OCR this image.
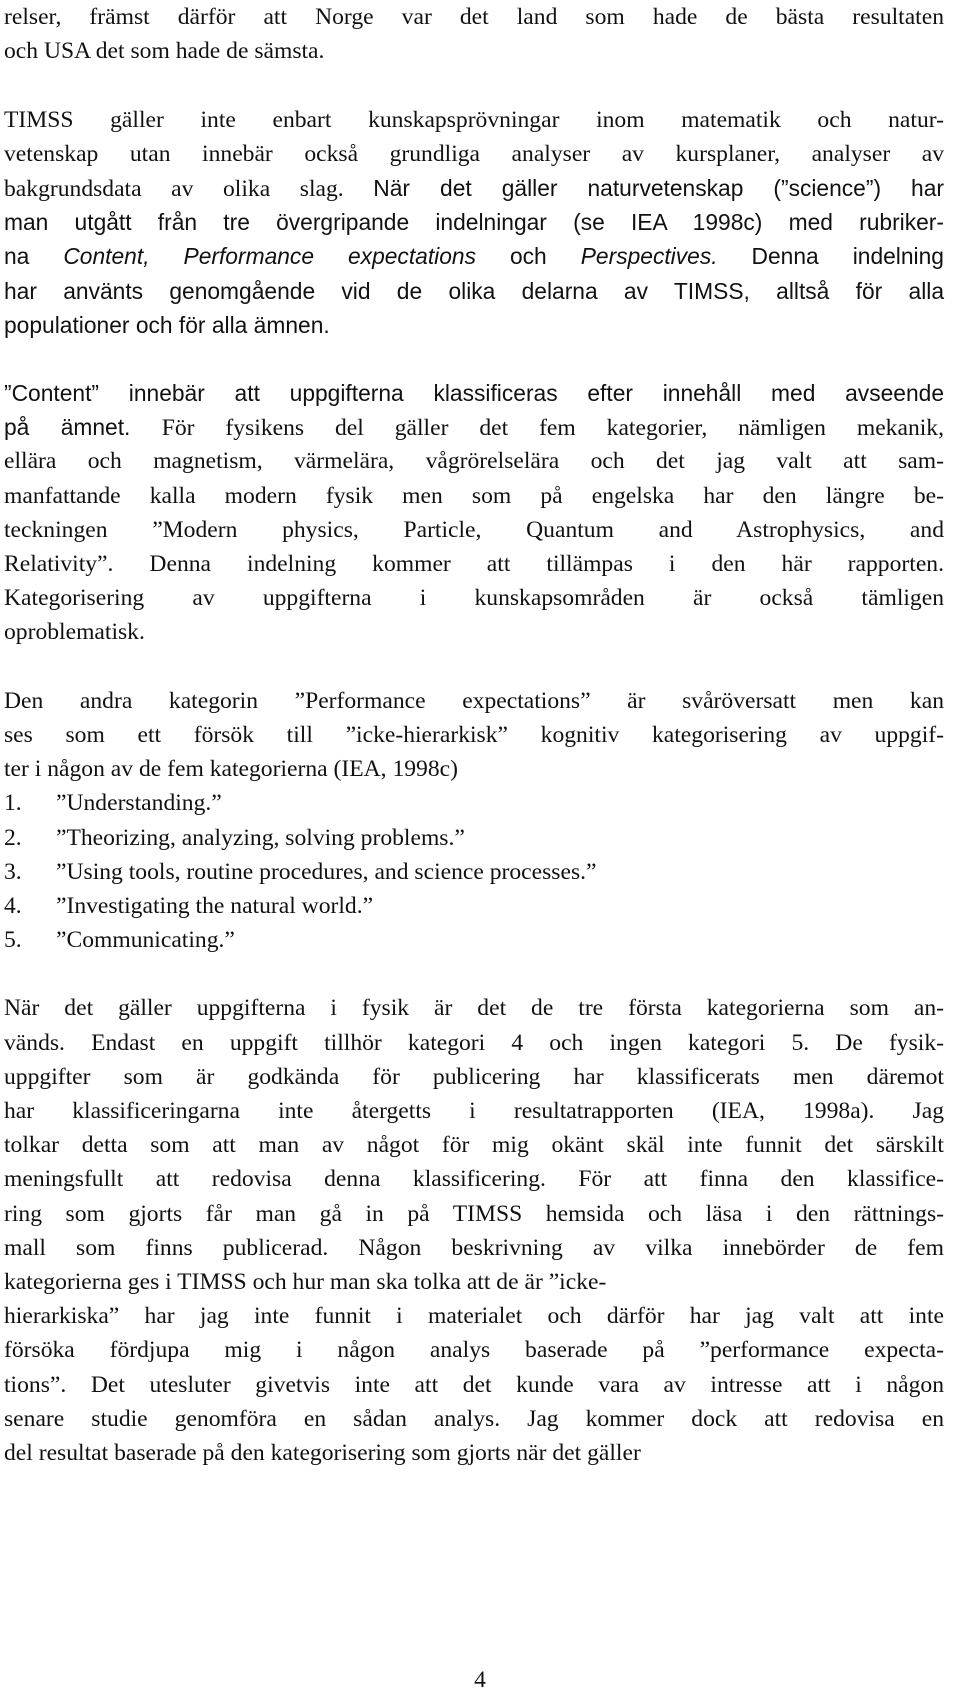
relser, främst därför att Norge var det land som hade de bästa resultaten
och USA det som hade de sämsta.
TIMSS gäller inte enbart kunskapsprövningar inom matematik och natur-
vetenskap utan innebär också grundliga analyser av kursplaner, analyser av
bakgrundsdata av olika slag. När det gäller naturvetenskap (”science”) har
man utgått från tre övergripande indelningar (se IEA 1998c) med rubriker-
na Content, Performance expectations och Perspectives. Denna indelning
har använts genomgående vid de olika delarna av TIMSS, alltså för alla
populationer och för alla ämnen.
”Content” innebär att uppgifterna klassificeras efter innehåll med avseende
på ämnet. För fysikens del gäller det fem kategorier, nämligen mekanik,
ellära och magnetism, värmelära, vågrörelselära och det jag valt att sam-
manfattande kalla modern fysik men som på engelska har den längre be-
teckningen ”Modern physics, Particle, Quantum and Astrophysics, and
Relativity”. Denna indelning kommer att tillämpas i den här rapporten.
Kategorisering av uppgifterna i kunskapsområden är också tämligen
oproblematisk.
Den andra kategorin ”Performance expectations” är svåröversatt men kan
ses som ett försök till ”icke-hierarkisk” kognitiv kategorisering av uppgif-
ter i någon av de fem kategorierna (IEA, 1998c)
1. ”Understanding.”
2. ”Theorizing, analyzing, solving problems.”
3. ”Using tools, routine procedures, and science processes.”
4. ”Investigating the natural world.”
5. ”Communicating.”
När det gäller uppgifterna i fysik är det de tre första kategorierna som an-
vänds. Endast en uppgift tillhör kategori 4 och ingen kategori 5. De fysik-
uppgifter som är godkända för publicering har klassificerats men däremot
har klassificeringarna inte återgetts i resultatrapporten (IEA, 1998a). Jag
tolkar detta som att man av något för mig okänt skäl inte funnit det särskilt
meningsfullt att redovisa denna klassificering. För att finna den klassifice-
ring som gjorts får man gå in på TIMSS hemsida och läsa i den rättnings-
mall som finns publicerad. Någon beskrivning av vilka innebörder de fem
kategorierna ges i TIMSS och hur man ska tolka att de är ”icke-
hierarkiska” har jag inte funnit i materialet och därför har jag valt att inte
försöka fördjupa mig i någon analys baserade på ”performance expecta-
tions”. Det utesluter givetvis inte att det kunde vara av intresse att i någon
senare studie genomföra en sådan analys. Jag kommer dock att redovisa en
del resultat baserade på den kategorisering som gjorts när det gäller
4
